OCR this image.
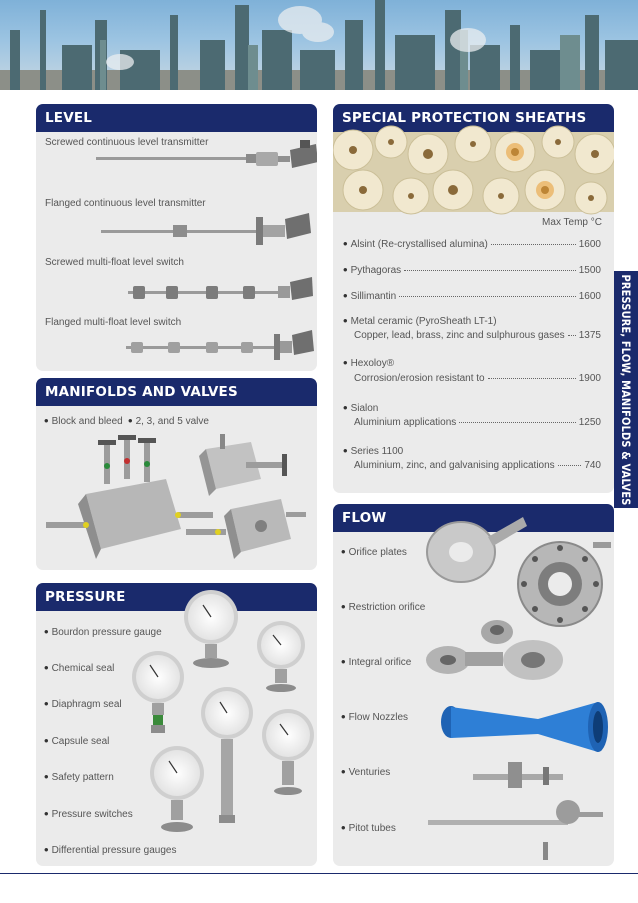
LEVEL
Screwed continuous level transmitter
Flanged continuous level transmitter
Screwed multi-float level switch
Flanged multi-float level switch
MANIFOLDS AND VALVES
• Block and bleed	• 2, 3, and 5 valve
PRESSURE
• Bourdon pressure gauge
• Chemical seal
• Diaphragm seal
• Capsule seal
• Safety pattern
• Pressure switches
• Differential pressure gauges
SPECIAL PROTECTION SHEATHS
Max Temp °C
• Alsint (Re-crystallised alumina)	1600
• Pythagoras	1500
• Sillimantin	1600
• Metal ceramic (PyroSheath LT-1)
Copper, lead, brass, zinc and sulphurous gases 1375
• Hexoloy®
Corrosion/erosion resistant to	1900
• Sialon
Aluminium applications	1250
• Series 1100
Aluminium, zinc, and galvanising applications	740
FLOW
• Orifice plates
• Restriction orifice
• Integral orifice
• Flow Nozzles
• Venturies
• Pitot tubes
PRESSURE, FLOW, MANIFOLDS & VALVES
